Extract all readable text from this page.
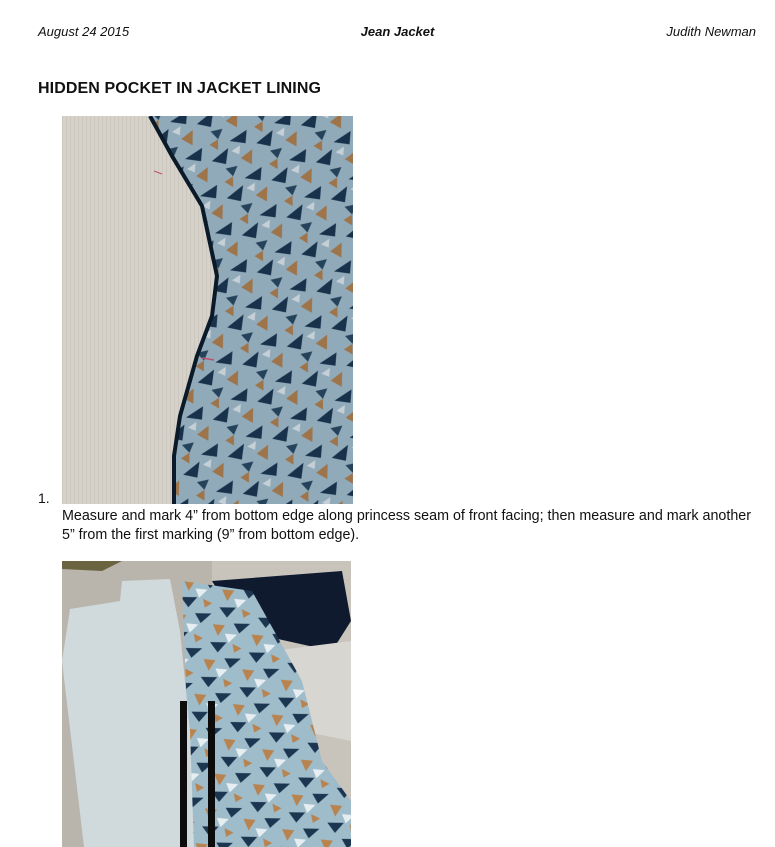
August 24 2015	Jean Jacket	Judith Newman
HIDDEN POCKET IN JACKET LINING
1.
Measure and mark 4” from bottom edge along princess seam of front facing; then measure and mark another 5” from the first marking (9” from bottom edge).
